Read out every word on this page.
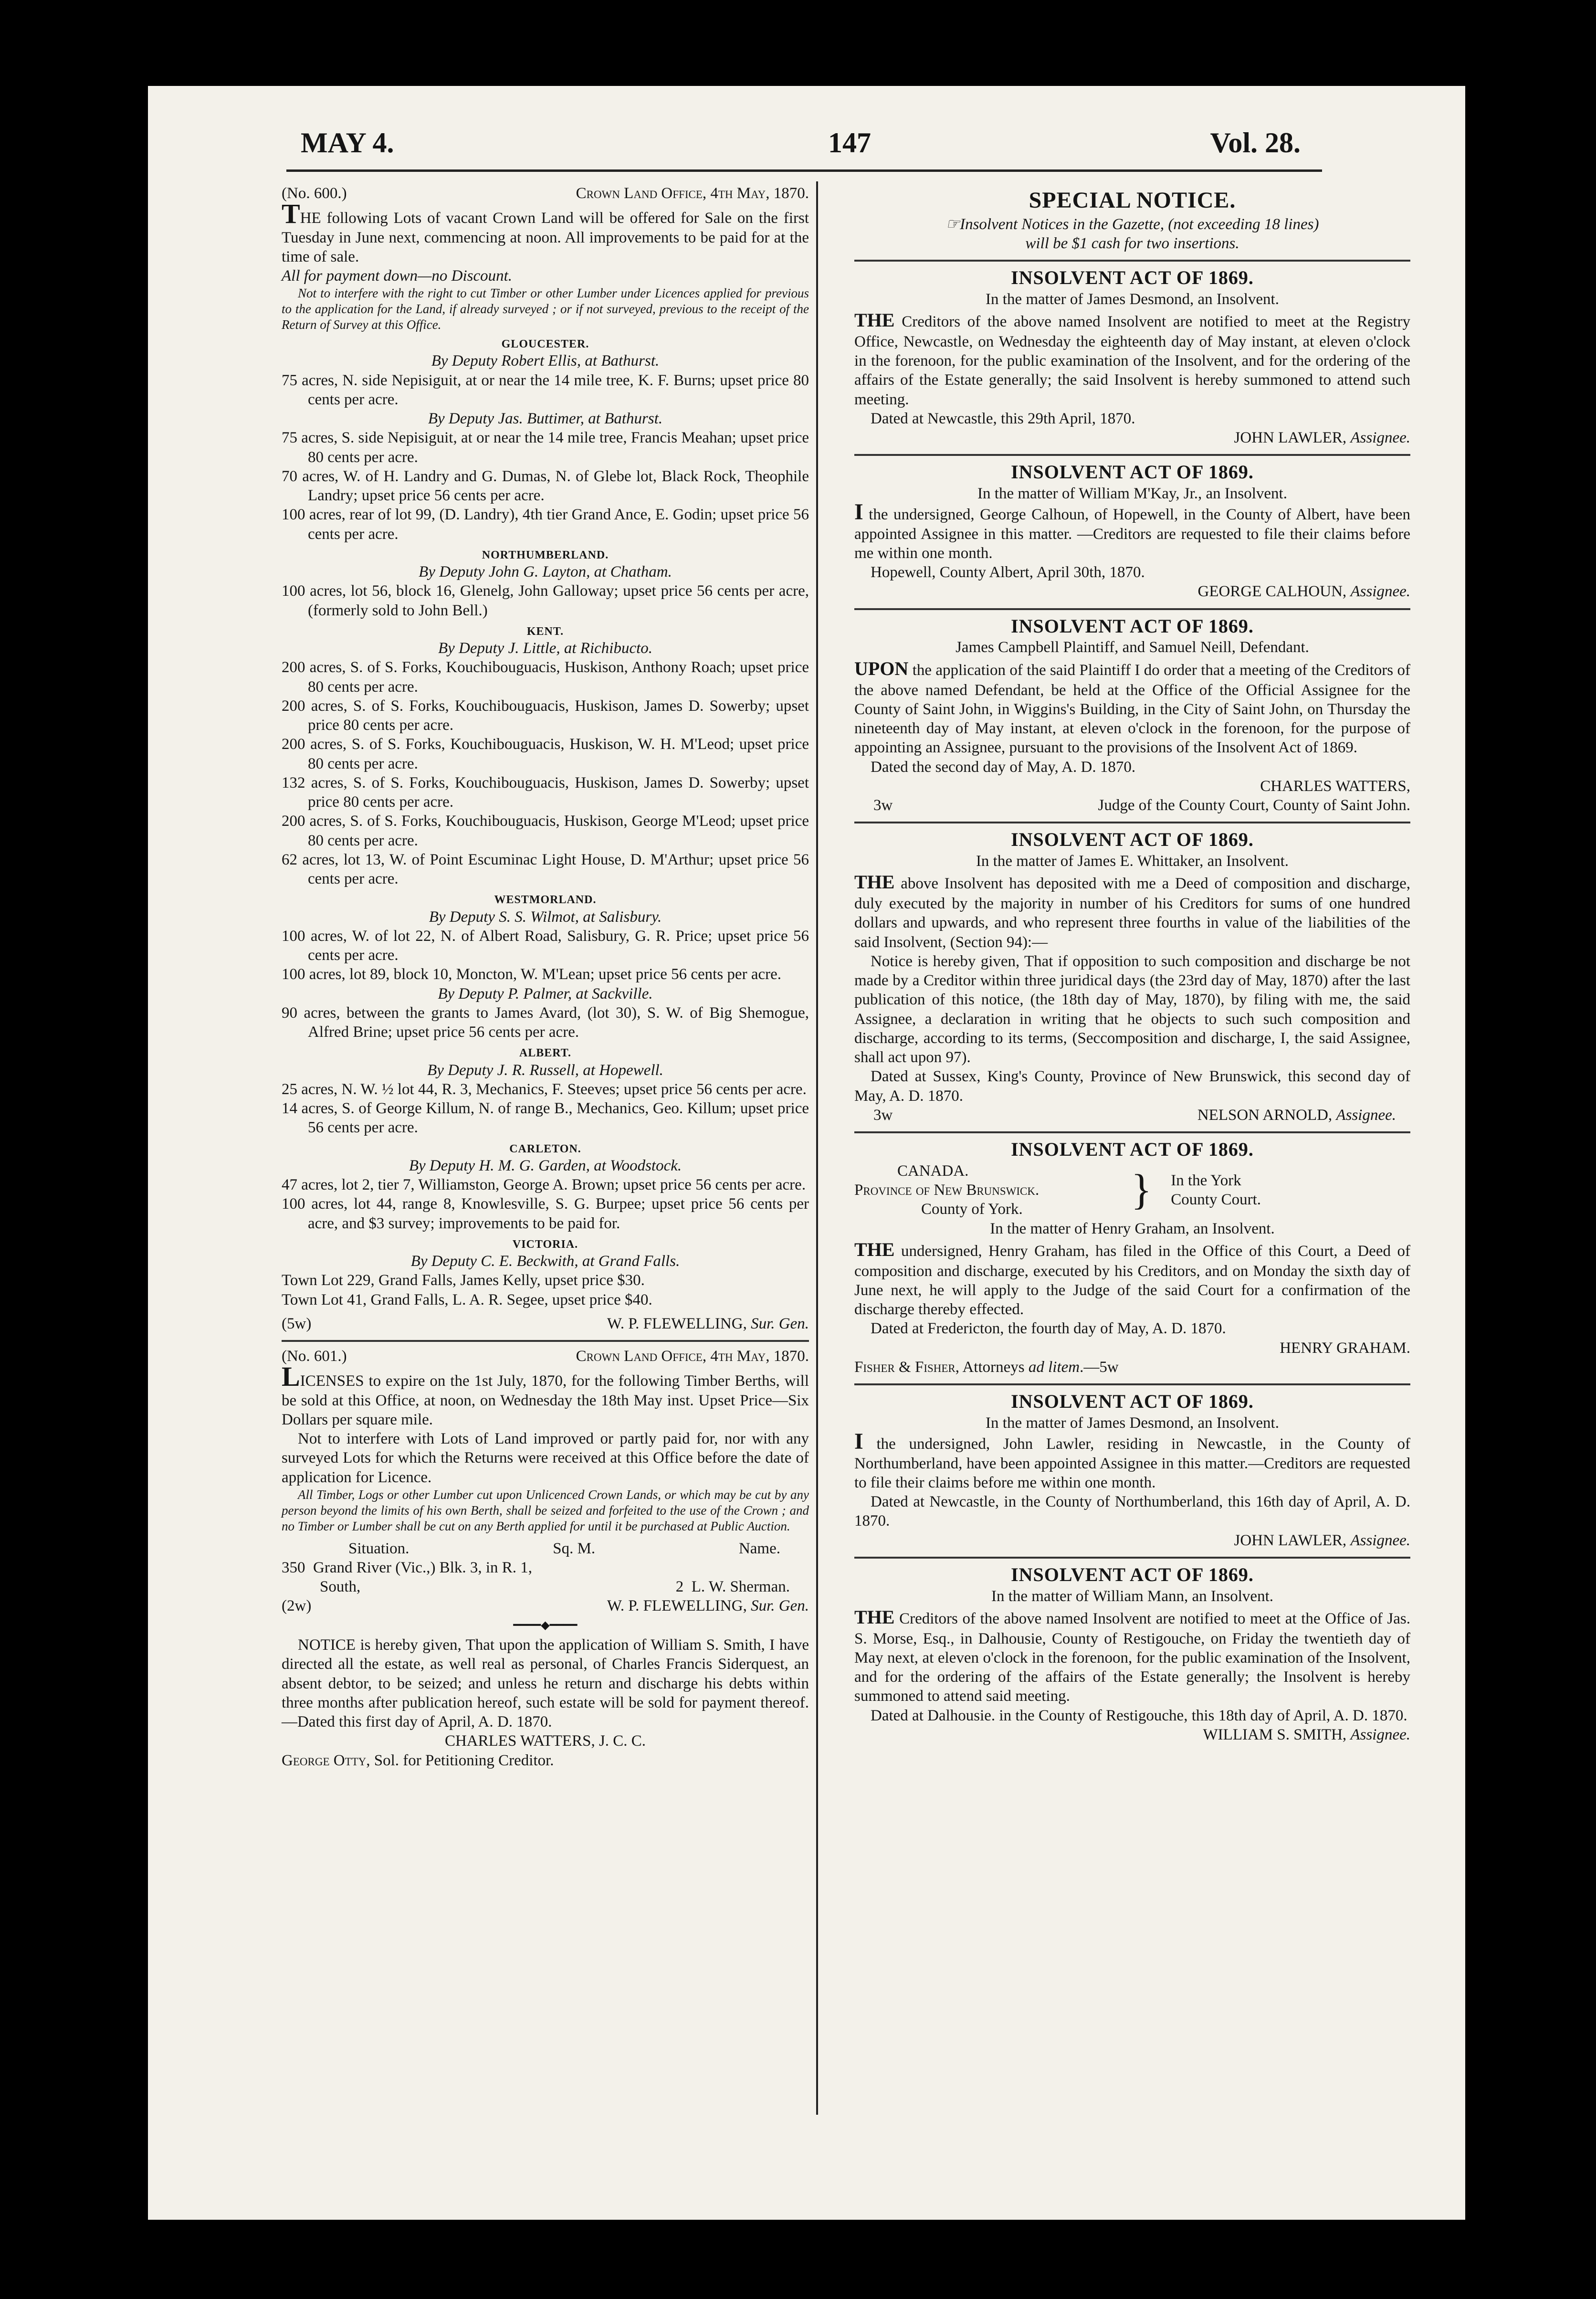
MAY 4.	147	Vol. 28.
(No. 600.)	Crown Land Office, 4th May, 1870.

THE following Lots of vacant Crown Land will be offered for Sale on the first Tuesday in June next, commencing at noon. All improvements to be paid for at the time of sale.

All for payment down—no Discount.

Not to interfere with the right to cut Timber or other Lumber under Licences applied for previous to the application for the Land, if already surveyed ; or if not surveyed, previous to the receipt of the Return of Survey at this Office.

GLOUCESTER.

By Deputy Robert Ellis, at Bathurst.

75 acres, N. side Nepisiguit, at or near the 14 mile tree, K. F. Burns; upset price 80 cents per acre.

By Deputy Jas. Buttimer, at Bathurst.

75 acres, S. side Nepisiguit, at or near the 14 mile tree, Francis Meahan; upset price 80 cents per acre.

70 acres, W. of H. Landry and G. Dumas, N. of Glebe lot, Black Rock, Theophile Landry; upset price 56 cents per acre.

100 acres, rear of lot 99, (D. Landry), 4th tier Grand Ance, E. Godin; upset price 56 cents per acre.

NORTHUMBERLAND.

By Deputy John G. Layton, at Chatham.

100 acres, lot 56, block 16, Glenelg, John Galloway; upset price 56 cents per acre, (formerly sold to John Bell.)

KENT.

By Deputy J. Little, at Richibucto.

200 acres, S. of S. Forks, Kouchibouguacis, Huskison, Anthony Roach; upset price 80 cents per acre.

200 acres, S. of S. Forks, Kouchibouguacis, Huskison, James D. Sowerby; upset price 80 cents per acre.

200 acres, S. of S. Forks, Kouchibouguacis, Huskison, W. H. M'Leod; upset price 80 cents per acre.

132 acres, S. of S. Forks, Kouchibouguacis, Huskison, James D. Sowerby; upset price 80 cents per acre.

200 acres, S. of S. Forks, Kouchibouguacis, Huskison, George M'Leod; upset price 80 cents per acre.

62 acres, lot 13, W. of Point Escuminac Light House, D. M'Arthur; upset price 56 cents per acre.

WESTMORLAND.

By Deputy S. S. Wilmot, at Salisbury.

100 acres, W. of lot 22, N. of Albert Road, Salisbury, G. R. Price; upset price 56 cents per acre.

100 acres, lot 89, block 10, Moncton, W. M'Lean; upset price 56 cents per acre.

By Deputy P. Palmer, at Sackville.

90 acres, between the grants to James Avard, (lot 30), S. W. of Big Shemogue, Alfred Brine; upset price 56 cents per acre.

ALBERT.

By Deputy J. R. Russell, at Hopewell.

25 acres, N. W. ½ lot 44, R. 3, Mechanics, F. Steeves; upset price 56 cents per acre.

14 acres, S. of George Killum, N. of range B., Mechanics, Geo. Killum; upset price 56 cents per acre.

CARLETON.

By Deputy H. M. G. Garden, at Woodstock.

47 acres, lot 2, tier 7, Williamston, George A. Brown; upset price 56 cents per acre.

100 acres, lot 44, range 8, Knowlesville, S. G. Burpee; upset price 56 cents per acre, and $3 survey; improvements to be paid for.

VICTORIA.

By Deputy C. E. Beckwith, at Grand Falls.

Town Lot 229, Grand Falls, James Kelly, upset price $30.

Town Lot 41, Grand Falls, L. A. R. Segee, upset price $40.

(5w)	W. P. FLEWELLING, Sur. Gen.
(No. 601.)	Crown Land Office, 4th May, 1870.

LICENSES to expire on the 1st July, 1870, for the following Timber Berths, will be sold at this Office, at noon, on Wednesday the 18th May inst. Upset Price—Six Dollars per square mile.

Not to interfere with Lots of Land improved or partly paid for, nor with any surveyed Lots for which the Returns were received at this Office before the date of application for Licence.

All Timber, Logs or other Lumber cut upon Unlicenced Crown Lands, or which may be cut by any person beyond the limits of his own Berth, shall be seized and forfeited to the use of the Crown ; and no Timber or Lumber shall be cut on any Berth applied for until it be purchased at Public Auction.

Situation.	Sq. M.	Name.

350 Grand River (Vic.,) Blk. 3, in R. 1,

South,	2 L. W. Sherman.

(2w)	W. P. FLEWELLING, Sur. Gen.
━━━━◆━━━━

NOTICE is hereby given, That upon the application of William S. Smith, I have directed all the estate, as well real as personal, of Charles Francis Siderquest, an absent debtor, to be seized; and unless he return and discharge his debts within three months after publication hereof, such estate will be sold for payment thereof.—Dated this first day of April, A. D. 1870.

CHARLES WATTERS, J. C. C.

George Otty, Sol. for Petitioning Creditor.

SPECIAL NOTICE.

☞Insolvent Notices in the Gazette, (not exceeding 18 lines)

will be $1 cash for two insertions.

INSOLVENT ACT OF 1869.

In the matter of James Desmond, an Insolvent.

THE Creditors of the above named Insolvent are notified to meet at the Registry Office, Newcastle, on Wednesday the eighteenth day of May instant, at eleven o'clock in the forenoon, for the public examination of the Insolvent, and for the ordering of the affairs of the Estate generally; the said Insolvent is hereby summoned to attend such meeting.

Dated at Newcastle, this 29th April, 1870.

JOHN LAWLER, Assignee.

INSOLVENT ACT OF 1869.

In the matter of William M'Kay, Jr., an Insolvent.

I the undersigned, George Calhoun, of Hopewell, in the County of Albert, have been appointed Assignee in this matter. —Creditors are requested to file their claims before me within one month.

Hopewell, County Albert, April 30th, 1870.

GEORGE CALHOUN, Assignee.

INSOLVENT ACT OF 1869.

James Campbell Plaintiff, and Samuel Neill, Defendant.

UPON the application of the said Plaintiff I do order that a meeting of the Creditors of the above named Defendant, be held at the Office of the Official Assignee for the County of Saint John, in Wiggins's Building, in the City of Saint John, on Thursday the nineteenth day of May instant, at eleven o'clock in the forenoon, for the purpose of appointing an Assignee, pursuant to the provisions of the Insolvent Act of 1869.

Dated the second day of May, A. D. 1870.

CHARLES WATTERS,

3w	Judge of the County Court, County of Saint John.

INSOLVENT ACT OF 1869.

In the matter of James E. Whittaker, an Insolvent.

THE above Insolvent has deposited with me a Deed of composition and discharge, duly executed by the majority in number of his Creditors for sums of one hundred dollars and upwards, and who represent three fourths in value of the liabilities of the said Insolvent, (Section 94):—

Notice is hereby given, That if opposition to such composition and discharge be not made by a Creditor within three juridical days (the 23rd day of May, 1870) after the last publication of this notice, (the 18th day of May, 1870), by filing with me, the said Assignee, a declaration in writing that he objects to such such composition and discharge, according to its terms, (Seccomposition and discharge, I, the said Assignee, shall act upon 97).

Dated at Sussex, King's County, Province of New Brunswick, this second day of May, A. D. 1870.

3w	NELSON ARNOLD, Assignee.

INSOLVENT ACT OF 1869.

CANADA.

Province of New Brunswick.

County of York.	}	In the York

County Court.

In the matter of Henry Graham, an Insolvent.

THE undersigned, Henry Graham, has filed in the Office of this Court, a Deed of composition and discharge, executed by his Creditors, and on Monday the sixth day of June next, he will apply to the Judge of the said Court for a confirmation of the discharge thereby effected.

Dated at Fredericton, the fourth day of May, A. D. 1870.

HENRY GRAHAM.

Fisher & Fisher, Attorneys ad litem.—5w

INSOLVENT ACT OF 1869.

In the matter of James Desmond, an Insolvent.

I the undersigned, John Lawler, residing in Newcastle, in the County of Northumberland, have been appointed Assignee in this matter.—Creditors are requested to file their claims before me within one month.

Dated at Newcastle, in the County of Northumberland, this 16th day of April, A. D. 1870.

JOHN LAWLER, Assignee.

INSOLVENT ACT OF 1869.

In the matter of William Mann, an Insolvent.

THE Creditors of the above named Insolvent are notified to meet at the Office of Jas. S. Morse, Esq., in Dalhousie, County of Restigouche, on Friday the twentieth day of May next, at eleven o'clock in the forenoon, for the public examination of the Insolvent, and for the ordering of the affairs of the Estate generally; the Insolvent is hereby summoned to attend said meeting.

Dated at Dalhousie. in the County of Restigouche, this 18th day of April, A. D. 1870.

WILLIAM S. SMITH, Assignee.
